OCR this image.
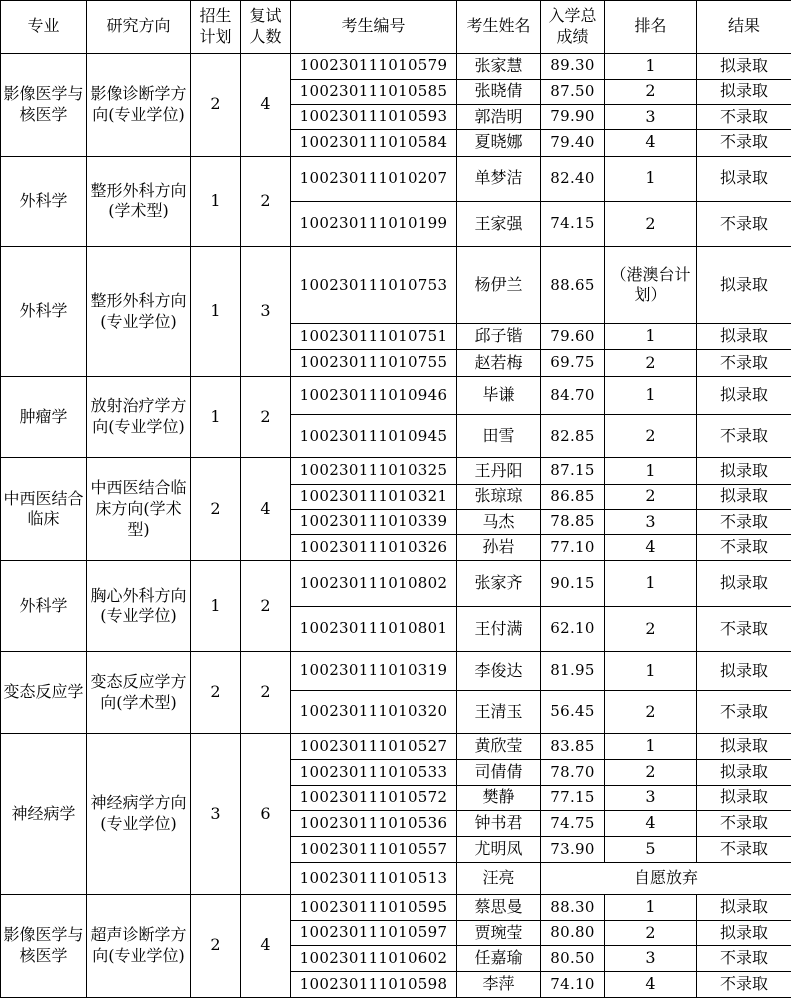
专业	研究方向	招生计划	复试人数	考生编号	考生姓名	入学总成绩	排名	结果
影像医学与核医学	影像诊断学方向(专业学位)	2	4	100230111010579	张家慧	89.30	1	拟录取
				100230111010585	张晓倩	87.50	2	拟录取
				100230111010593	郭浩明	79.90	3	不录取
				100230111010584	夏晓娜	79.40	4	不录取
外科学	整形外科方向(学术型)	1	2	100230111010207	单梦洁	82.40	1	拟录取
				100230111010199	王家强	74.15	2	不录取
外科学	整形外科方向(专业学位)	1	3	100230111010753	杨伊兰	88.65	（港澳台计划）	拟录取
				100230111010751	邱子锴	79.60	1	拟录取
				100230111010755	赵若梅	69.75	2	不录取
肿瘤学	放射治疗学方向(专业学位)	1	2	100230111010946	毕谦	84.70	1	拟录取
				100230111010945	田雪	82.85	2	不录取
中西医结合临床	中西医结合临床方向(学术型)	2	4	100230111010325	王丹阳	87.15	1	拟录取
				100230111010321	张琼琼	86.85	2	拟录取
				100230111010339	马杰	78.85	3	不录取
				100230111010326	孙岩	77.10	4	不录取
外科学	胸心外科方向(专业学位)	1	2	100230111010802	张家齐	90.15	1	拟录取
				100230111010801	王付满	62.10	2	不录取
变态反应学	变态反应学方向(学术型)	2	2	100230111010319	李俊达	81.95	1	拟录取
				100230111010320	王清玉	56.45	2	不录取
神经病学	神经病学方向(专业学位)	3	6	100230111010527	黄欣莹	83.85	1	拟录取
				100230111010533	司倩倩	78.70	2	拟录取
				100230111010572	樊静	77.15	3	拟录取
				100230111010536	钟书君	74.75	4	不录取
				100230111010557	尤明凤	73.90	5	不录取
				100230111010513	汪亮	自愿放弃		
影像医学与核医学	超声诊断学方向(专业学位)	2	4	100230111010595	蔡思曼	88.30	1	拟录取
				100230111010597	贾琬莹	80.80	2	拟录取
				100230111010602	任嘉瑜	80.50	3	不录取
				100230111010598	李萍	74.10	4	不录取
